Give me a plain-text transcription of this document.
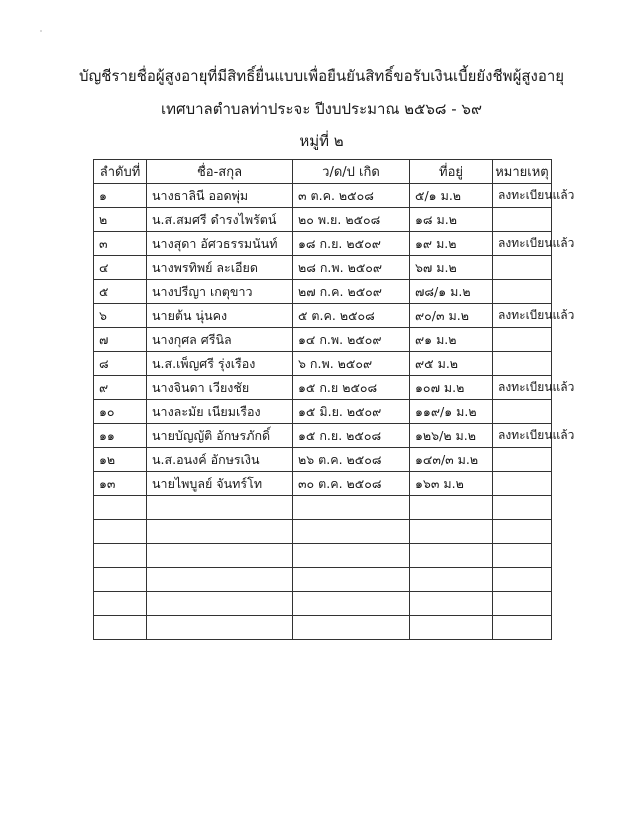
บัญชีรายชื่อผู้สูงอายุที่มีสิทธิ์ยื่นแบบเพื่อยืนยันสิทธิ์ขอรับเงินเบี้ยยังชีพผู้สูงอายุ
เทศบาลตำบลท่าประจะ ปีงบประมาณ ๒๕๖๘ - ๖๙
หมู่ที่ ๒
ลำดับที่	ชื่อ-สกุล	ว/ด/ป เกิด	ที่อยู่	หมายเหตุ
๑	นางธาลินี ออดพุ่ม	๓ ต.ค. ๒๕๐๘	๕/๑ ม.๒	ลงทะเบียนแล้ว
๒	น.ส.สมศรี ดำรงไพรัตน์	๒๐ พ.ย. ๒๕๐๘	๑๘ ม.๒	
๓	นางสุดา อัศวธรรมนันท์	๑๘ ก.ย. ๒๕๐๙	๑๙ ม.๒	ลงทะเบียนแล้ว
๔	นางพรทิพย์ ละเอียด	๒๘ ก.พ. ๒๕๐๙	๖๗ ม.๒	
๕	นางปรีญา เกตุขาว	๒๗ ก.ค. ๒๕๐๙	๗๘/๑ ม.๒	
๖	นายต้น นุ่นคง	๕ ต.ค. ๒๕๐๘	๙๐/๓ ม.๒	ลงทะเบียนแล้ว
๗	นางกุศล ศรีนิล	๑๔ ก.พ. ๒๕๐๙	๙๑ ม.๒	
๘	น.ส.เพ็ญศรี รุ่งเรือง	๖ ก.พ. ๒๕๐๙	๙๕ ม.๒	
๙	นางจินดา เวียงชัย	๑๕ ก.ย ๒๕๐๘	๑๐๗ ม.๒	ลงทะเบียนแล้ว
๑๐	นางละมัย เนียมเรือง	๑๕ มิ.ย. ๒๕๐๙	๑๑๙/๑ ม.๒	
๑๑	นายบัญญัติ อักษรภักดิ์	๑๕ ก.ย. ๒๕๐๘	๑๒๖/๒ ม.๒	ลงทะเบียนแล้ว
๑๒	น.ส.อนงค์ อักษรเงิน	๒๖ ต.ค. ๒๕๐๘	๑๔๓/๓ ม.๒	
๑๓	นายไพบูลย์ จันทร์โท	๓๐ ต.ค. ๒๕๐๘	๑๖๓ ม.๒	
